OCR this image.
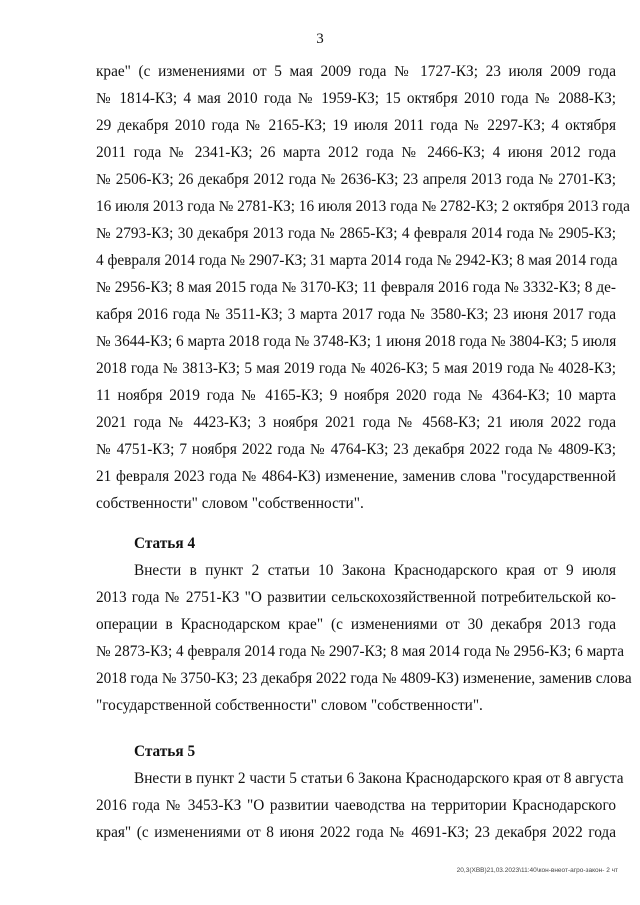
3
крае" (с изменениями от 5 мая 2009 года № 1727-КЗ; 23 июля 2009 года
№ 1814-КЗ; 4 мая 2010 года № 1959-КЗ; 15 октября 2010 года № 2088-КЗ;
29 декабря 2010 года № 2165-КЗ; 19 июля 2011 года № 2297-КЗ; 4 октября
2011 года № 2341-КЗ; 26 марта 2012 года № 2466-КЗ; 4 июня 2012 года
№ 2506-КЗ; 26 декабря 2012 года № 2636-КЗ; 23 апреля 2013 года № 2701-КЗ;
16 июля 2013 года № 2781-КЗ; 16 июля 2013 года № 2782-КЗ; 2 октября 2013 года
№ 2793-КЗ; 30 декабря 2013 года № 2865-КЗ; 4 февраля 2014 года № 2905-КЗ;
4 февраля 2014 года № 2907-КЗ; 31 марта 2014 года № 2942-КЗ; 8 мая 2014 года
№ 2956-КЗ; 8 мая 2015 года № 3170-КЗ; 11 февраля 2016 года № 3332-КЗ; 8 де-
кабря 2016 года № 3511-КЗ; 3 марта 2017 года № 3580-КЗ; 23 июня 2017 года
№ 3644-КЗ; 6 марта 2018 года № 3748-КЗ; 1 июня 2018 года № 3804-КЗ; 5 июля
2018 года № 3813-КЗ; 5 мая 2019 года № 4026-КЗ; 5 мая 2019 года № 4028-КЗ;
11 ноября 2019 года № 4165-КЗ; 9 ноября 2020 года № 4364-КЗ; 10 марта
2021 года № 4423-КЗ; 3 ноября 2021 года № 4568-КЗ; 21 июля 2022 года
№ 4751-КЗ; 7 ноября 2022 года № 4764-КЗ; 23 декабря 2022 года № 4809-КЗ;
21 февраля 2023 года № 4864-КЗ) изменение, заменив слова "государственной
собственности" словом "собственности".
Статья 4
Внести в пункт 2 статьи 10 Закона Краснодарского края от 9 июля
2013 года № 2751-КЗ "О развитии сельскохозяйственной потребительской ко-
операции в Краснодарском крае" (с изменениями от 30 декабря 2013 года
№ 2873-КЗ; 4 февраля 2014 года № 2907-КЗ; 8 мая 2014 года № 2956-КЗ; 6 марта
2018 года № 3750-КЗ; 23 декабря 2022 года № 4809-КЗ) изменение, заменив слова
"государственной собственности" словом "собственности".
Статья 5
Внести в пункт 2 части 5 статьи 6 Закона Краснодарского края от 8 августа
2016 года № 3453-КЗ "О развитии чаеводства на территории Краснодарского
края" (с изменениями от 8 июня 2022 года № 4691-КЗ; 23 декабря 2022 года
20,3(ХВВ)21,03.2023\11:40\кон-внеот-агро-закон- 2 чт
